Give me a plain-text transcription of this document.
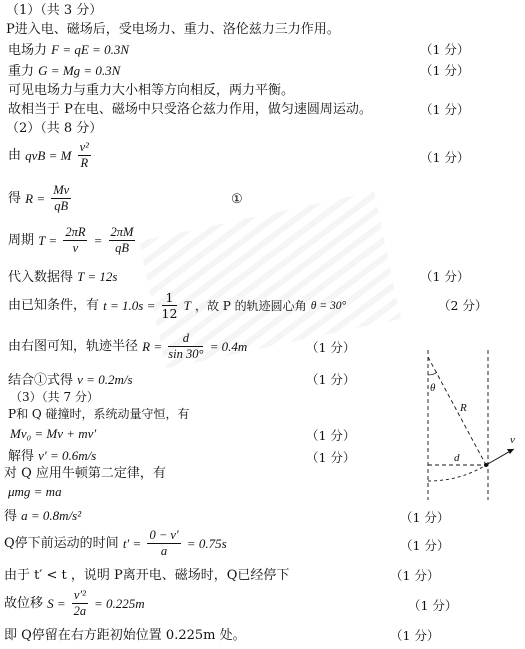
（1）（共 3 分）
P进入电、磁场后，受电场力、重力、洛伦兹力三力作用。
电场力 F = qE = 0.3N	（1 分）
重力 G = Mg = 0.3N	（1 分）
可见电场力与重力大小相等方向相反，两力平衡。
故相当于 P在电、磁场中只受洛仑兹力作用，做匀速圆周运动。	（1 分）
（2）（共 8 分）
由 qvB = M $\frac{\text{v²}}{R}$	（1 分）
得 $R = \frac{Mv}{qB}$	①
周期 $T = \frac{2\pi R}{v} = \frac{2\pi M}{qB}$
代入数据得 T = 12s	（1 分）
由已知条件，有 $t = 1.0s = \frac{1}{12}$ T ，故 P 的轨迹圆心角 θ = 30°	（2 分）
由右图可知，轨迹半径 $R = \frac{d}{\sin 30^\circ} = 0.4m$	（1 分）
结合①式得 v = 0.2m/s	（1 分）
（3）（共 7 分）
P和 Q 碰撞时，系统动量守恒，有
Mv₀ = Mv + mv′	（1 分）
解得 v′ = 0.6m/s	（1 分）
对 Q 应用牛顿第二定律，有
μmg = ma
得 a = 0.8m/s²	（1 分）
Q停下前运动的时间 $t' = \frac{0 - v'}{a} = 0.75s$	（1 分）
由于 t′ < t ，说明 P离开电、磁场时，Q已经停下	（1 分）
故位移 $S = \frac{\text{v′²}}{2a} = 0.225m$	（1 分）
即 Q停留在右方距初始位置 0.225m 处。	（1 分）
θ
R
d
v
